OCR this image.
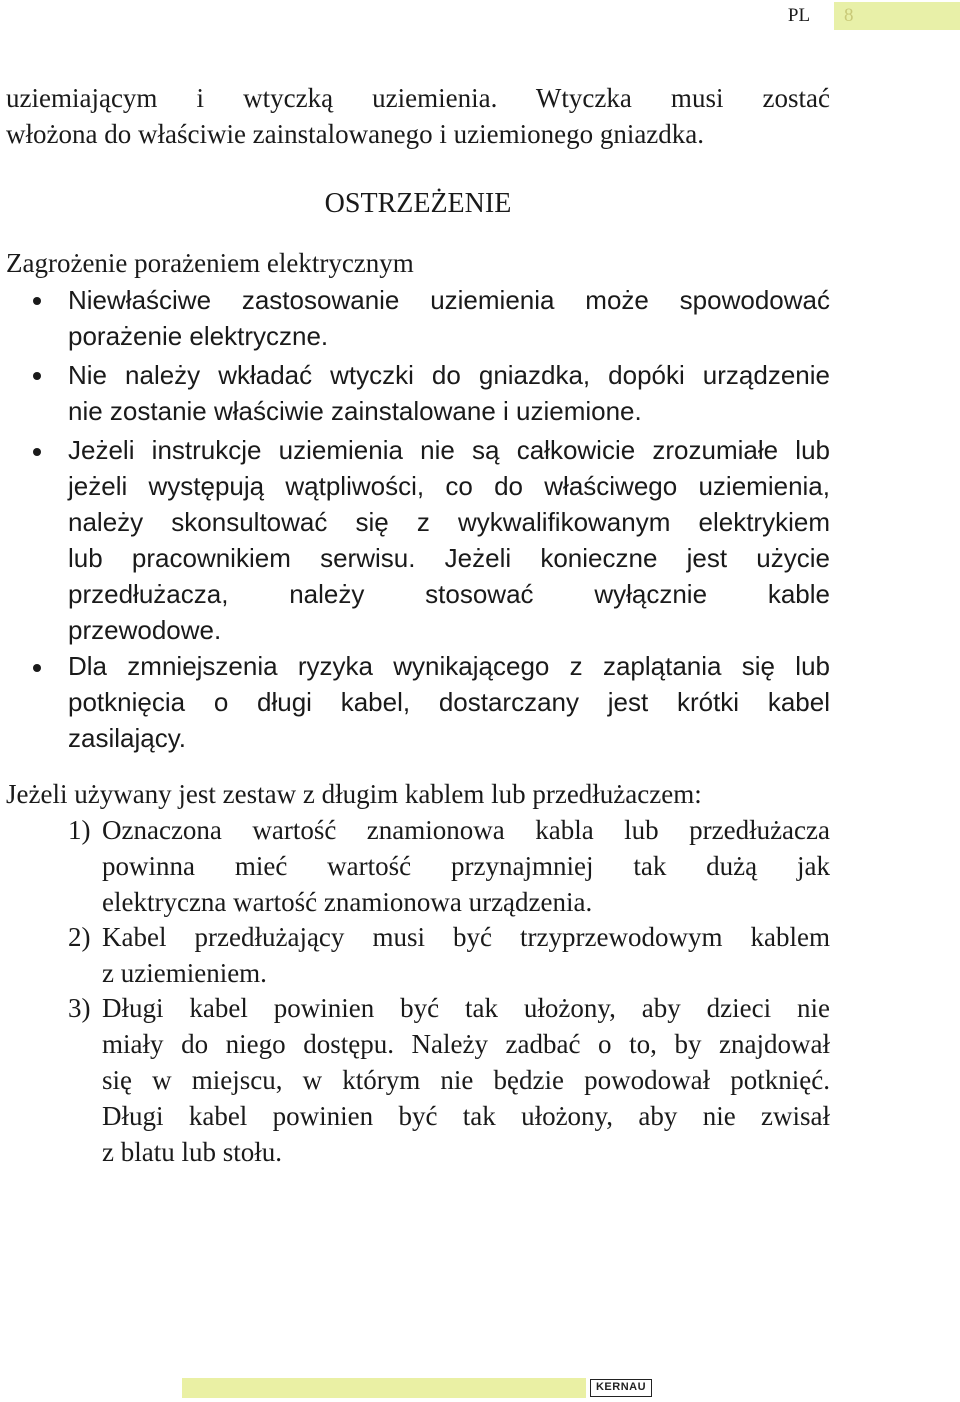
PL	8

uziemiającym i wtyczką uziemienia. Wtyczka musi zostać

włożona do właściwie zainstalowanego i uziemionego gniazdka.

OSTRZEŻENIE

Zagrożenie porażeniem elektrycznym

Niewłaściwe zastosowanie uziemienia może spowodować
porażenie elektryczne.
Nie należy wkładać wtyczki do gniazdka, dopóki urządzenie
nie zostanie właściwie zainstalowane i uziemione.
Jeżeli instrukcje uziemienia nie są całkowicie zrozumiałe lub
jeżeli występują wątpliwości, co do właściwego uziemienia,
należy skonsultować się z wykwalifikowanym elektrykiem
lub pracownikiem serwisu. Jeżeli konieczne jest użycie
przedłużacza, należy stosować wyłącznie kable
przewodowe.
Dla zmniejszenia ryzyka wynikającego z zaplątania się lub
potknięcia o długi kabel, dostarczany jest krótki kabel
zasilający.

Jeżeli używany jest zestaw z długim kablem lub przedłużaczem:

1) Oznaczona wartość znamionowa kabla lub przedłużacza
powinna mieć wartość przynajmniej tak dużą jak
elektryczna wartość znamionowa urządzenia.
2) Kabel przedłużający musi być trzyprzewodowym kablem
z uziemieniem.
3) Długi kabel powinien być tak ułożony, aby dzieci nie
miały do niego dostępu. Należy zadbać o to, by znajdował
się w miejscu, w którym nie będzie powodował potknięć.
Długi kabel powinien być tak ułożony, aby nie zwisał
z blatu lub stołu.
KERNAU
